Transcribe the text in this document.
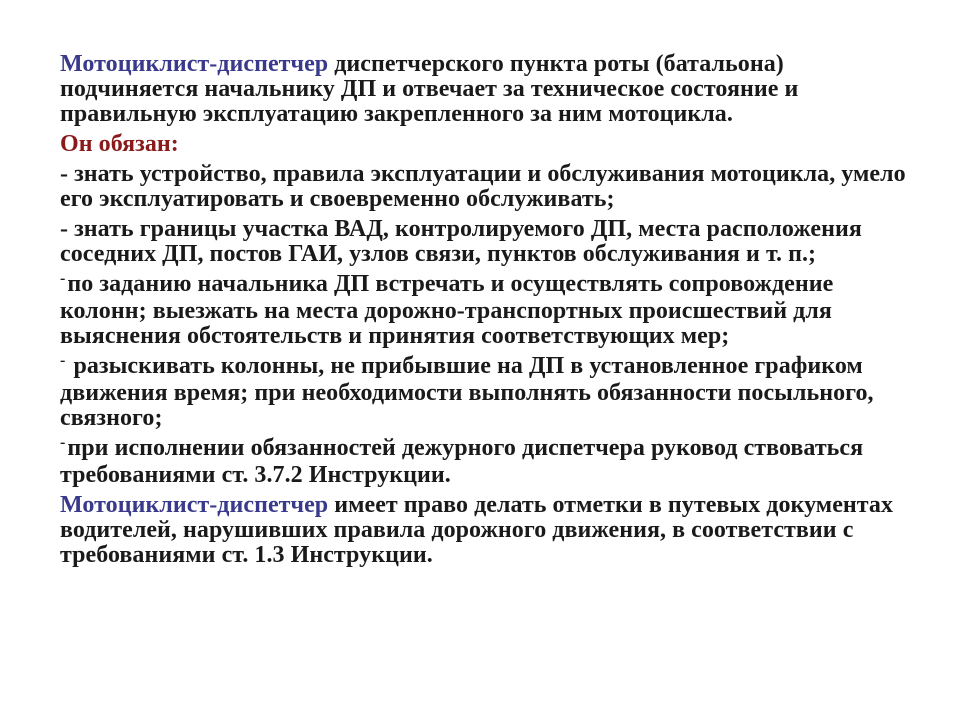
Мотоциклист-диспетчер диспетчерского пункта роты (батальона) подчиняется начальнику ДП и отвечает за техническое состояние и правильную эксплуатацию закрепленного за ним мотоцикла.

Он обязан:

- знать устройство, правила эксплуатации и обслуживания мотоцикла, умело его эксплуатировать и своевременно обслуживать;

- знать границы участка ВАД, контролируемого ДП, места расположения соседних ДП, постов ГАИ, узлов связи, пунктов обслуживания и т. п.;

-по заданию начальника ДП встречать и осуществлять сопровождение колонн; выезжать на места дорожно-транспортных происшествий для выяснения обстоятельств и принятия соответствующих мер;

- разыскивать колонны, не прибывшие на ДП в установленное графиком движения время; при необходимости выполнять обязанности посыльного, связного;

-при исполнении обязанностей дежурного диспетчера руковод ствоваться требованиями ст. 3.7.2 Инструкции.

Мотоциклист-диспетчер имеет право делать отметки в путевых документах водителей, нарушивших правила дорожного движения, в соответствии с требованиями ст. 1.3 Инструкции.
